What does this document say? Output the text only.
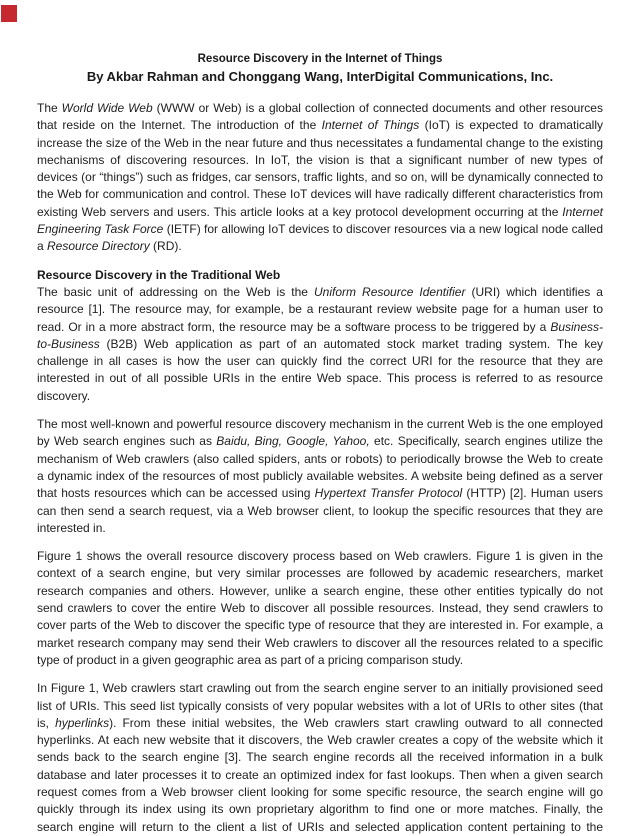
Resource Discovery in the Internet of Things
By Akbar Rahman and Chonggang Wang, InterDigital Communications, Inc.

The World Wide Web (WWW or Web) is a global collection of connected documents and other resources that reside on the Internet. The introduction of the Internet of Things (IoT) is expected to dramatically increase the size of the Web in the near future and thus necessitates a fundamental change to the existing mechanisms of discovering resources. In IoT, the vision is that a significant number of new types of devices (or “things”) such as fridges, car sensors, traffic lights, and so on, will be dynamically connected to the Web for communication and control. These IoT devices will have radically different characteristics from existing Web servers and users. This article looks at a key protocol development occurring at the Internet Engineering Task Force (IETF) for allowing IoT devices to discover resources via a new logical node called a Resource Directory (RD).

Resource Discovery in the Traditional Web

The basic unit of addressing on the Web is the Uniform Resource Identifier (URI) which identifies a resource [1]. The resource may, for example, be a restaurant review website page for a human user to read. Or in a more abstract form, the resource may be a software process to be triggered by a Business-to-Business (B2B) Web application as part of an automated stock market trading system. The key challenge in all cases is how the user can quickly find the correct URI for the resource that they are interested in out of all possible URIs in the entire Web space. This process is referred to as resource discovery.

The most well-known and powerful resource discovery mechanism in the current Web is the one employed by Web search engines such as Baidu, Bing, Google, Yahoo, etc. Specifically, search engines utilize the mechanism of Web crawlers (also called spiders, ants or robots) to periodically browse the Web to create a dynamic index of the resources of most publicly available websites. A website being defined as a server that hosts resources which can be accessed using Hypertext Transfer Protocol (HTTP) [2]. Human users can then send a search request, via a Web browser client, to lookup the specific resources that they are interested in.

Figure 1 shows the overall resource discovery process based on Web crawlers. Figure 1 is given in the context of a search engine, but very similar processes are followed by academic researchers, market research companies and others. However, unlike a search engine, these other entities typically do not send crawlers to cover the entire Web to discover all possible resources. Instead, they send crawlers to cover parts of the Web to discover the specific type of resource that they are interested in. For example, a market research company may send their Web crawlers to discover all the resources related to a specific type of product in a given geographic area as part of a pricing comparison study.

In Figure 1, Web crawlers start crawling out from the search engine server to an initially provisioned seed list of URIs. This seed list typically consists of very popular websites with a lot of URIs to other sites (that is, hyperlinks). From these initial websites, the Web crawlers start crawling outward to all connected hyperlinks. At each new website that it discovers, the Web crawler creates a copy of the website which it sends back to the search engine [3]. The search engine records all the received information in a bulk database and later processes it to create an optimized index for fast lookups. Then when a given search request comes from a Web browser client looking for some specific resource, the search engine will go quickly through its index using its own proprietary algorithm to find one or more matches. Finally, the search engine will return to the client a list of URIs and selected application content pertaining to the
